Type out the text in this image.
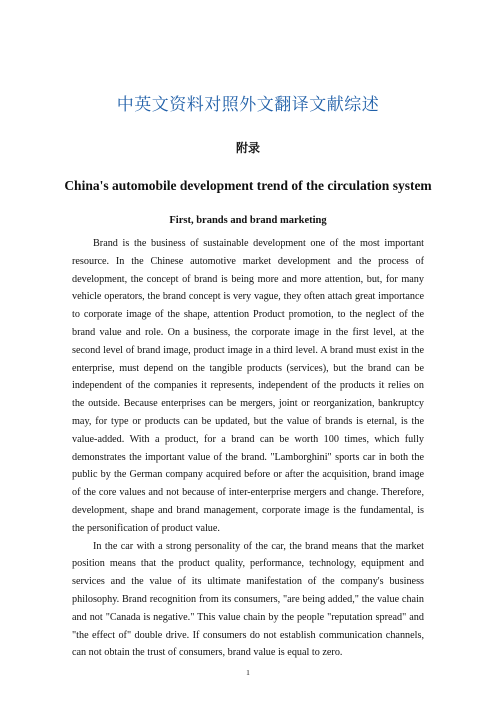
中英文资料对照外文翻译文献综述
附录
China's automobile development trend of the circulation system
First, brands and brand marketing

Brand is the business of sustainable development one of the most important resource. In the Chinese automotive market development and the process of development, the concept of brand is being more and more attention, but, for many vehicle operators, the brand concept is very vague, they often attach great importance to corporate image of the shape, attention Product promotion, to the neglect of the brand value and role. On a business, the corporate image in the first level, at the second level of brand image, product image in a third level. A brand must exist in the enterprise, must depend on the tangible products (services), but the brand can be independent of the companies it represents, independent of the products it relies on the outside. Because enterprises can be mergers, joint or reorganization, bankruptcy may, for type or products can be updated, but the value of brands is eternal, is the value-added. With a product, for a brand can be worth 100 times, which fully demonstrates the important value of the brand. "Lamborghini" sports car in both the public by the German company acquired before or after the acquisition, brand image of the core values and not because of inter-enterprise mergers and change. Therefore, development, shape and brand management, corporate image is the fundamental, is the personification of product value.

In the car with a strong personality of the car, the brand means that the market position means that the product quality, performance, technology, equipment and services and the value of its ultimate manifestation of the company's business philosophy. Brand recognition from its consumers, "are being added," the value chain and not "Canada is negative." This value chain by the people "reputation spread" and "the effect of" double drive. If consumers do not establish communication channels, can not obtain the trust of consumers, brand value is equal to zero.

1
